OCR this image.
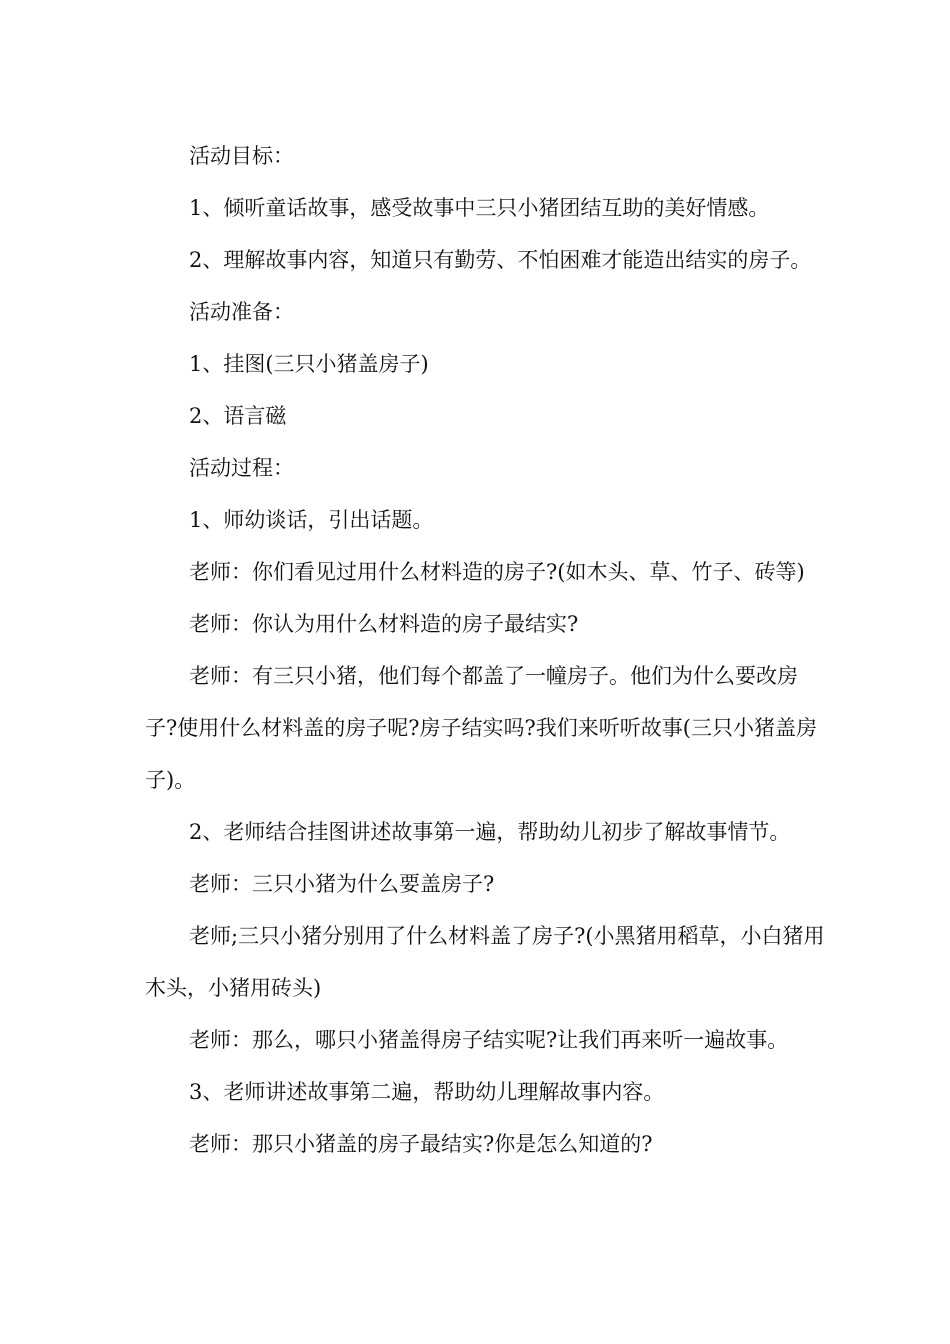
活动目标：

1、倾听童话故事，感受故事中三只小猪团结互助的美好情感。

2、理解故事内容，知道只有勤劳、不怕困难才能造出结实的房子。

活动准备：

1、挂图(三只小猪盖房子)

2、语言磁

活动过程：

1、师幼谈话，引出话题。

老师：你们看见过用什么材料造的房子?(如木头、草、竹子、砖等)

老师：你认为用什么材料造的房子最结实?

老师：有三只小猪，他们每个都盖了一幢房子。他们为什么要改房子?使用什么材料盖的房子呢?房子结实吗?我们来听听故事(三只小猪盖房子)。

2、老师结合挂图讲述故事第一遍，帮助幼儿初步了解故事情节。

老师：三只小猪为什么要盖房子?

老师;三只小猪分别用了什么材料盖了房子?(小黑猪用稻草，小白猪用木头，小猪用砖头)

老师：那么，哪只小猪盖得房子结实呢?让我们再来听一遍故事。

3、老师讲述故事第二遍，帮助幼儿理解故事内容。

老师：那只小猪盖的房子最结实?你是怎么知道的?
